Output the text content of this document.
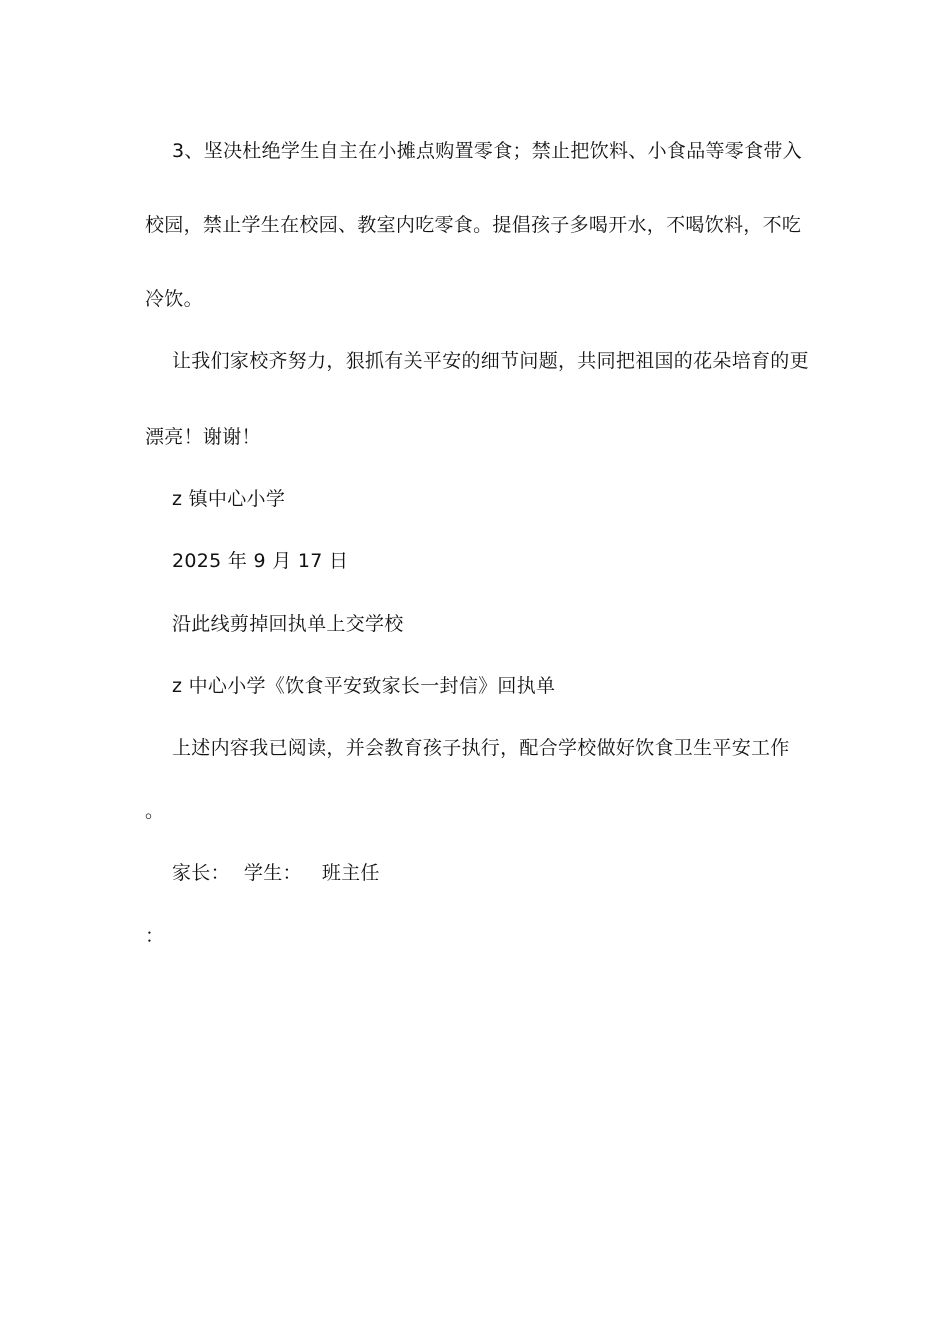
3、坚决杜绝学生自主在小摊点购置零食；禁止把饮料、小食品等零食带入
校园，禁止学生在校园、教室内吃零食。提倡孩子多喝开水，不喝饮料，不吃
冷饮。
让我们家校齐努力，狠抓有关平安的细节问题，共同把祖国的花朵培育的更
漂亮！谢谢！
z 镇中心小学
2025 年 9 月 17 日
沿此线剪掉回执单上交学校
z 中心小学《饮食平安致家长一封信》回执单
上述内容我已阅读，并会教育孩子执行，配合学校做好饮食卫生平安工作
。
家长： 学生： 班主任
：
